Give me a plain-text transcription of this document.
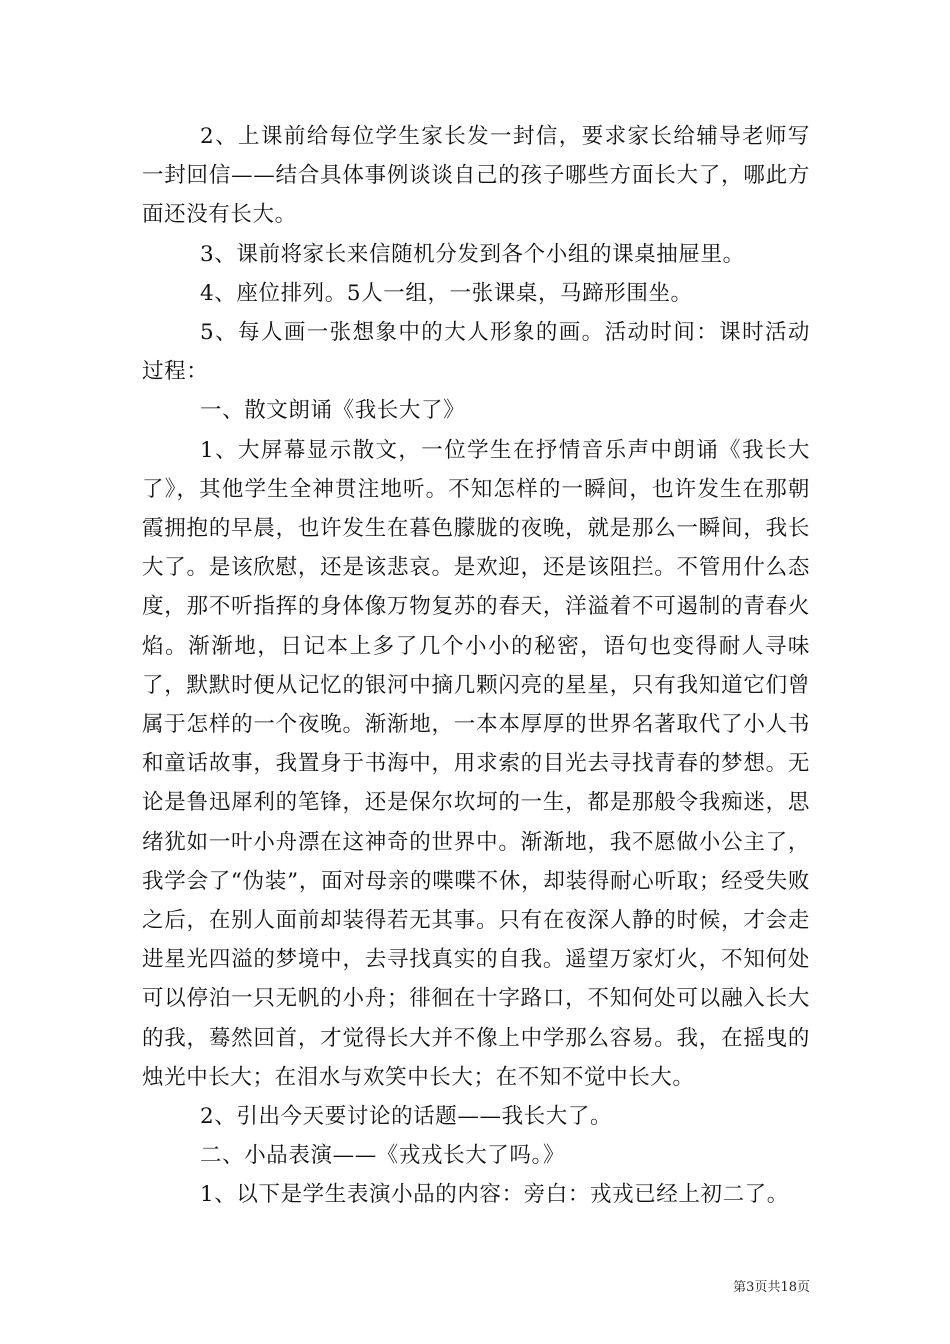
2、上课前给每位学生家长发一封信，要求家长给辅导老师写一封回信——结合具体事例谈谈自己的孩子哪些方面长大了，哪此方面还没有长大。

3、课前将家长来信随机分发到各个小组的课桌抽屉里。

4、座位排列。5人一组，一张课桌，马蹄形围坐。

5、每人画一张想象中的大人形象的画。活动时间：课时活动过程：

一、散文朗诵《我长大了》

1、大屏幕显示散文，一位学生在抒情音乐声中朗诵《我长大了》，其他学生全神贯注地听。不知怎样的一瞬间，也许发生在那朝霞拥抱的早晨，也许发生在暮色朦胧的夜晚，就是那么一瞬间，我长大了。是该欣慰，还是该悲哀。是欢迎，还是该阻拦。不管用什么态度，那不听指挥的身体像万物复苏的春天，洋溢着不可遏制的青春火焰。渐渐地，日记本上多了几个小小的秘密，语句也变得耐人寻味了，默默时便从记忆的银河中摘几颗闪亮的星星，只有我知道它们曾属于怎样的一个夜晚。渐渐地，一本本厚厚的世界名著取代了小人书和童话故事，我置身于书海中，用求索的目光去寻找青春的梦想。无论是鲁迅犀利的笔锋，还是保尔坎坷的一生，都是那般令我痴迷，思绪犹如一叶小舟漂在这神奇的世界中。渐渐地，我不愿做小公主了，我学会了“伪装”，面对母亲的喋喋不休，却装得耐心听取；经受失败之后，在别人面前却装得若无其事。只有在夜深人静的时候，才会走进星光四溢的梦境中，去寻找真实的自我。遥望万家灯火，不知何处可以停泊一只无帆的小舟；徘徊在十字路口，不知何处可以融入长大的我，蓦然回首，才觉得长大并不像上中学那么容易。我，在摇曳的烛光中长大；在泪水与欢笑中长大；在不知不觉中长大。

2、引出今天要讨论的话题——我长大了。

二、小品表演——《戎戎长大了吗。》

1、以下是学生表演小品的内容：旁白：戎戎已经上初二了。

第3页共18页
